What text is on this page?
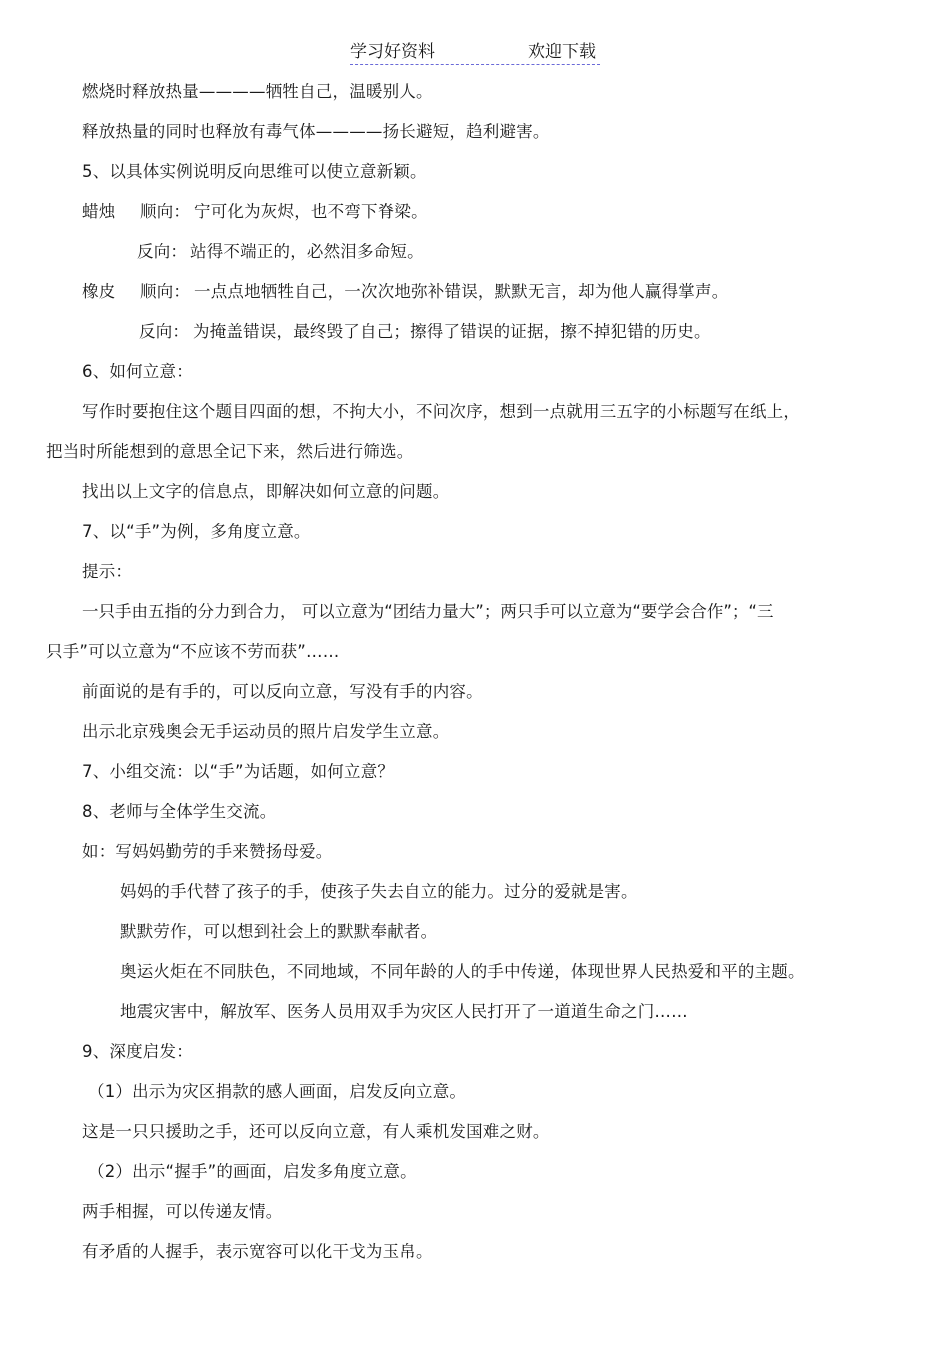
学习好资料	欢迎下载
燃烧时释放热量————牺牲自己，温暖别人。
释放热量的同时也释放有毒气体————扬长避短，趋利避害。
5、以具体实例说明反向思维可以使立意新颖。
蜡烛 顺向： 宁可化为灰烬，也不弯下脊梁。
反向： 站得不端正的，必然泪多命短。
橡皮 顺向： 一点点地牺牲自己，一次次地弥补错误，默默无言，却为他人赢得掌声。
反向： 为掩盖错误，最终毁了自己；擦得了错误的证据，擦不掉犯错的历史。
6、如何立意：
写作时要抱住这个题目四面的想，不拘大小，不问次序，想到一点就用三五字的小标题写在纸上，
把当时所能想到的意思全记下来，然后进行筛选。
找出以上文字的信息点，即解决如何立意的问题。
7、以“手”为例，多角度立意。
提示：
一只手由五指的分力到合力， 可以立意为“团结力量大”；两只手可以立意为“要学会合作”；“三
只手”可以立意为“不应该不劳而获”……
前面说的是有手的，可以反向立意，写没有手的内容。
出示北京残奥会无手运动员的照片启发学生立意。
7、小组交流：以“手”为话题，如何立意？
8、老师与全体学生交流。
如：写妈妈勤劳的手来赞扬母爱。
妈妈的手代替了孩子的手，使孩子失去自立的能力。过分的爱就是害。
默默劳作，可以想到社会上的默默奉献者。
奥运火炬在不同肤色，不同地域，不同年龄的人的手中传递，体现世界人民热爱和平的主题。
地震灾害中，解放军、医务人员用双手为灾区人民打开了一道道生命之门……
9、深度启发：
（1）出示为灾区捐款的感人画面，启发反向立意。
这是一只只援助之手，还可以反向立意，有人乘机发国难之财。
（2）出示“握手”的画面，启发多角度立意。
两手相握，可以传递友情。
有矛盾的人握手，表示宽容可以化干戈为玉帛。
